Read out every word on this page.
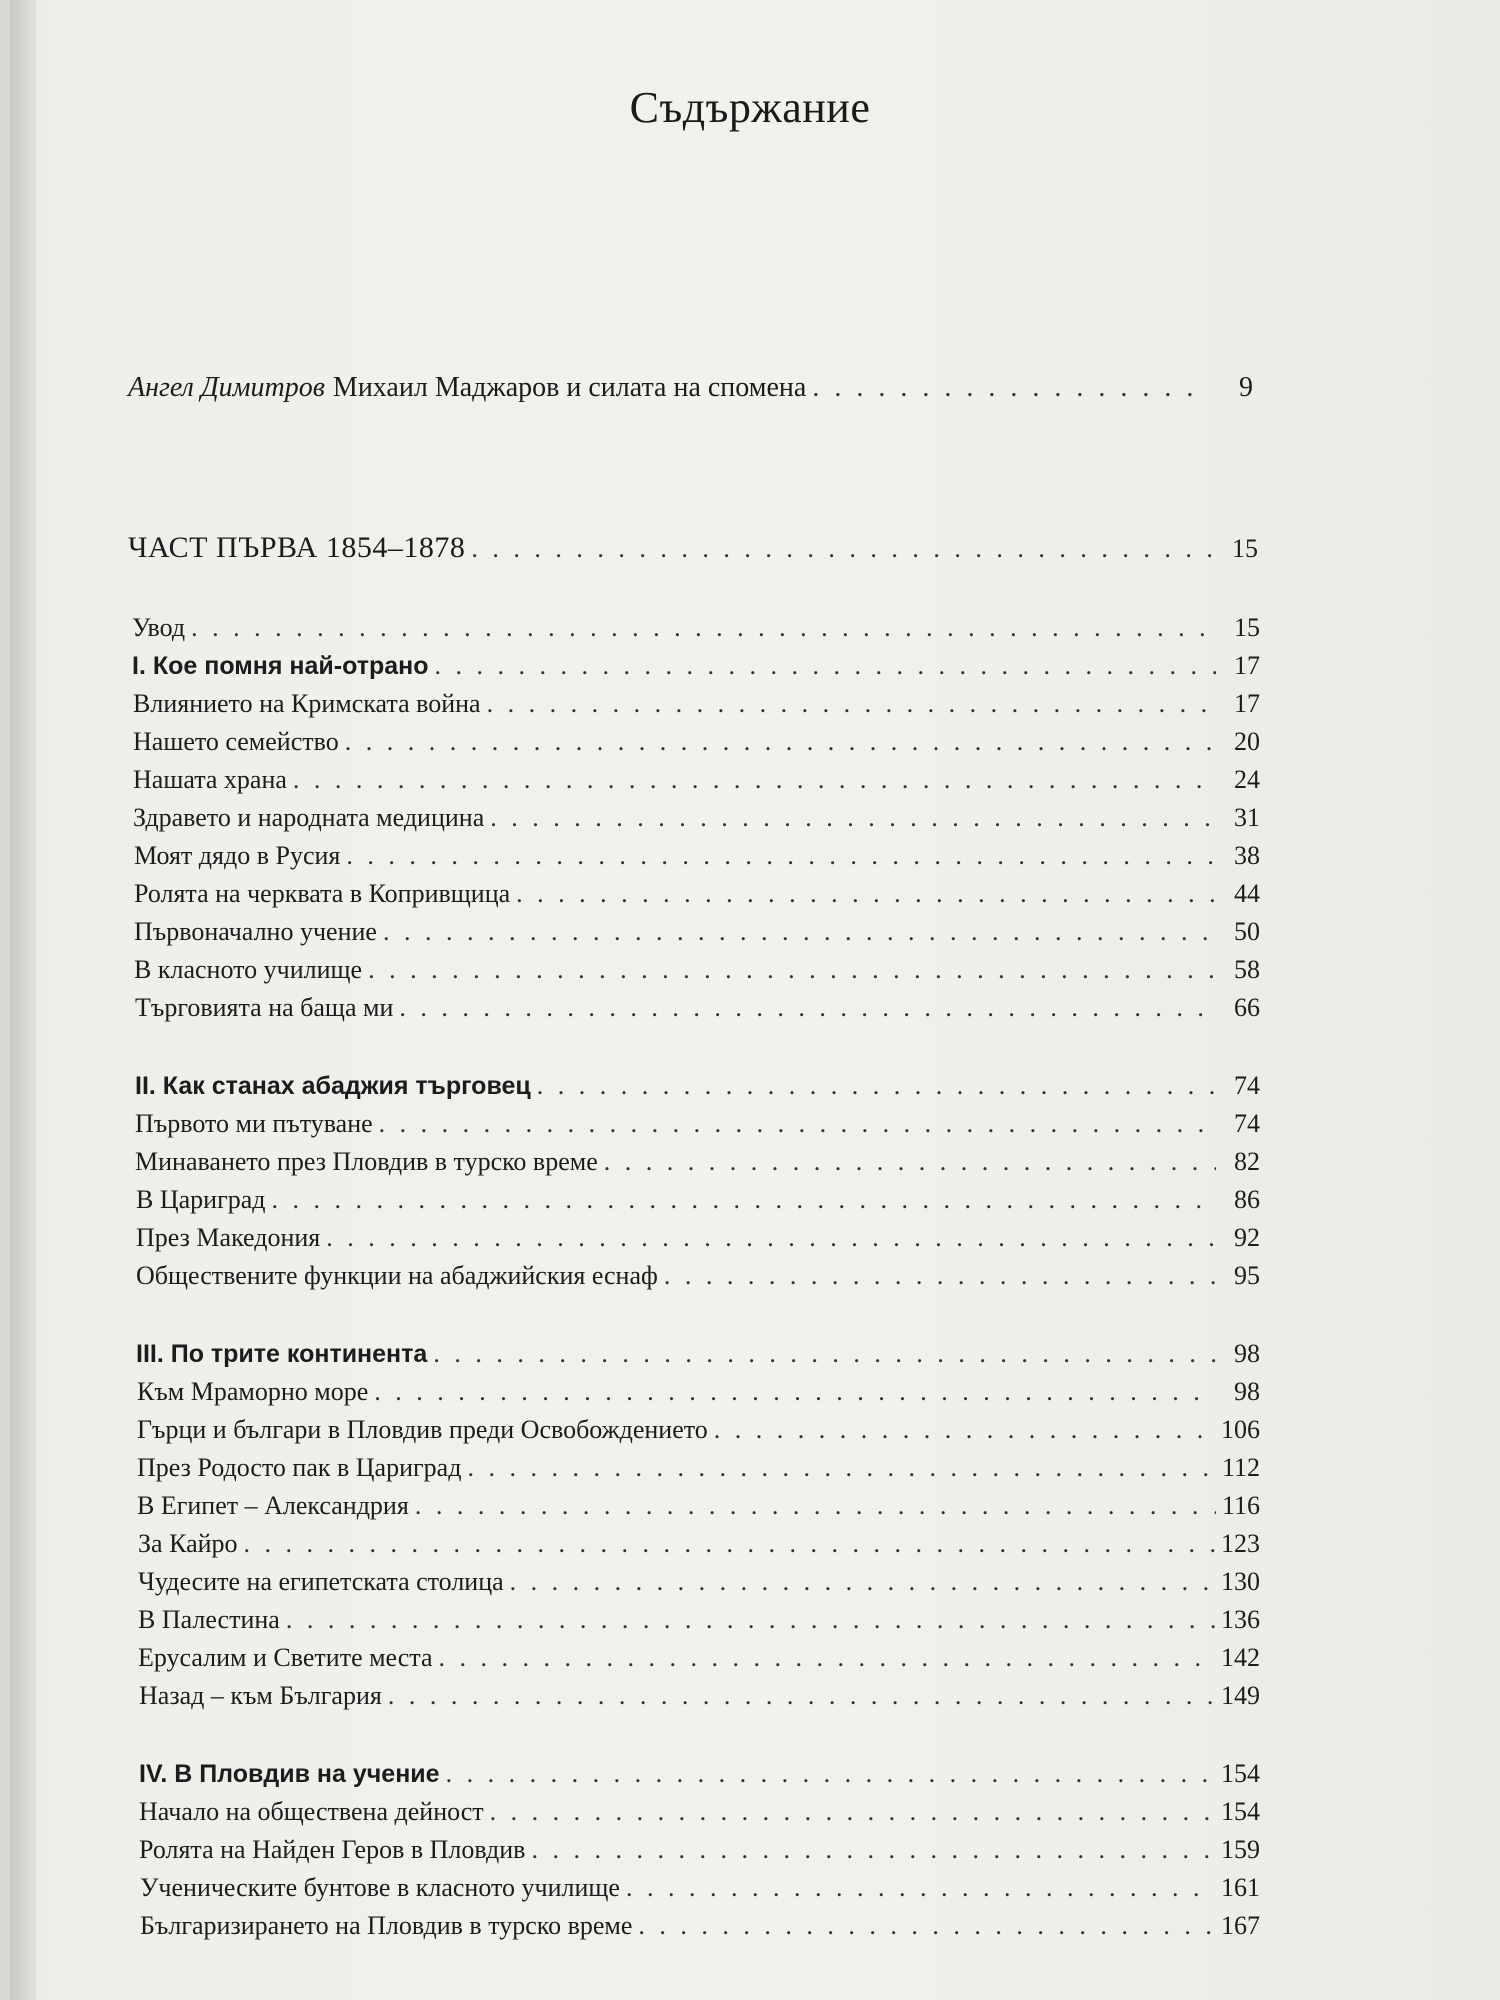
Съдържание
Ангел Димитров Михаил Маджаров и силата на спомена . . .	9
ЧАСТ ПЪРВА 1854–1878 . . .	15
Увод . . .	15
I. Кое помня най-отрано . . .	17
Влиянието на Кримската война . . .	17
Нашето семейство . . .	20
Нашата храна . . .	24
Здравето и народната медицина . . .	31
Моят дядо в Русия . . .	38
Ролята на черквата в Копривщица . . .	44
Първоначално учение . . .	50
В класното училище . . .	58
Търговията на баща ми . . .	66
II. Как станах абаджия търговец . . .	74
Първото ми пътуване . . .	74
Минаването през Пловдив в турско време . . .	82
В Цариград . . .	86
През Македония . . .	92
Обществените функции на абаджийския еснаф . . .	95
III. По трите континента . . .	98
Към Мраморно море . . .	98
Гърци и българи в Пловдив преди Освобождението . . .	106
През Родосто пак в Цариград . . .	112
В Египет – Александрия . . .	116
За Кайро . . .	123
Чудесите на египетската столица . . .	130
В Палестина . . .	136
Ерусалим и Светите места . . .	142
Назад – към България . . .	149
IV. В Пловдив на учение . . .	154
Начало на обществена дейност . . .	154
Ролята на Найден Геров в Пловдив . . .	159
Ученическите бунтове в класното училище . . .	161
Българизирането на Пловдив в турско време . . .	167
